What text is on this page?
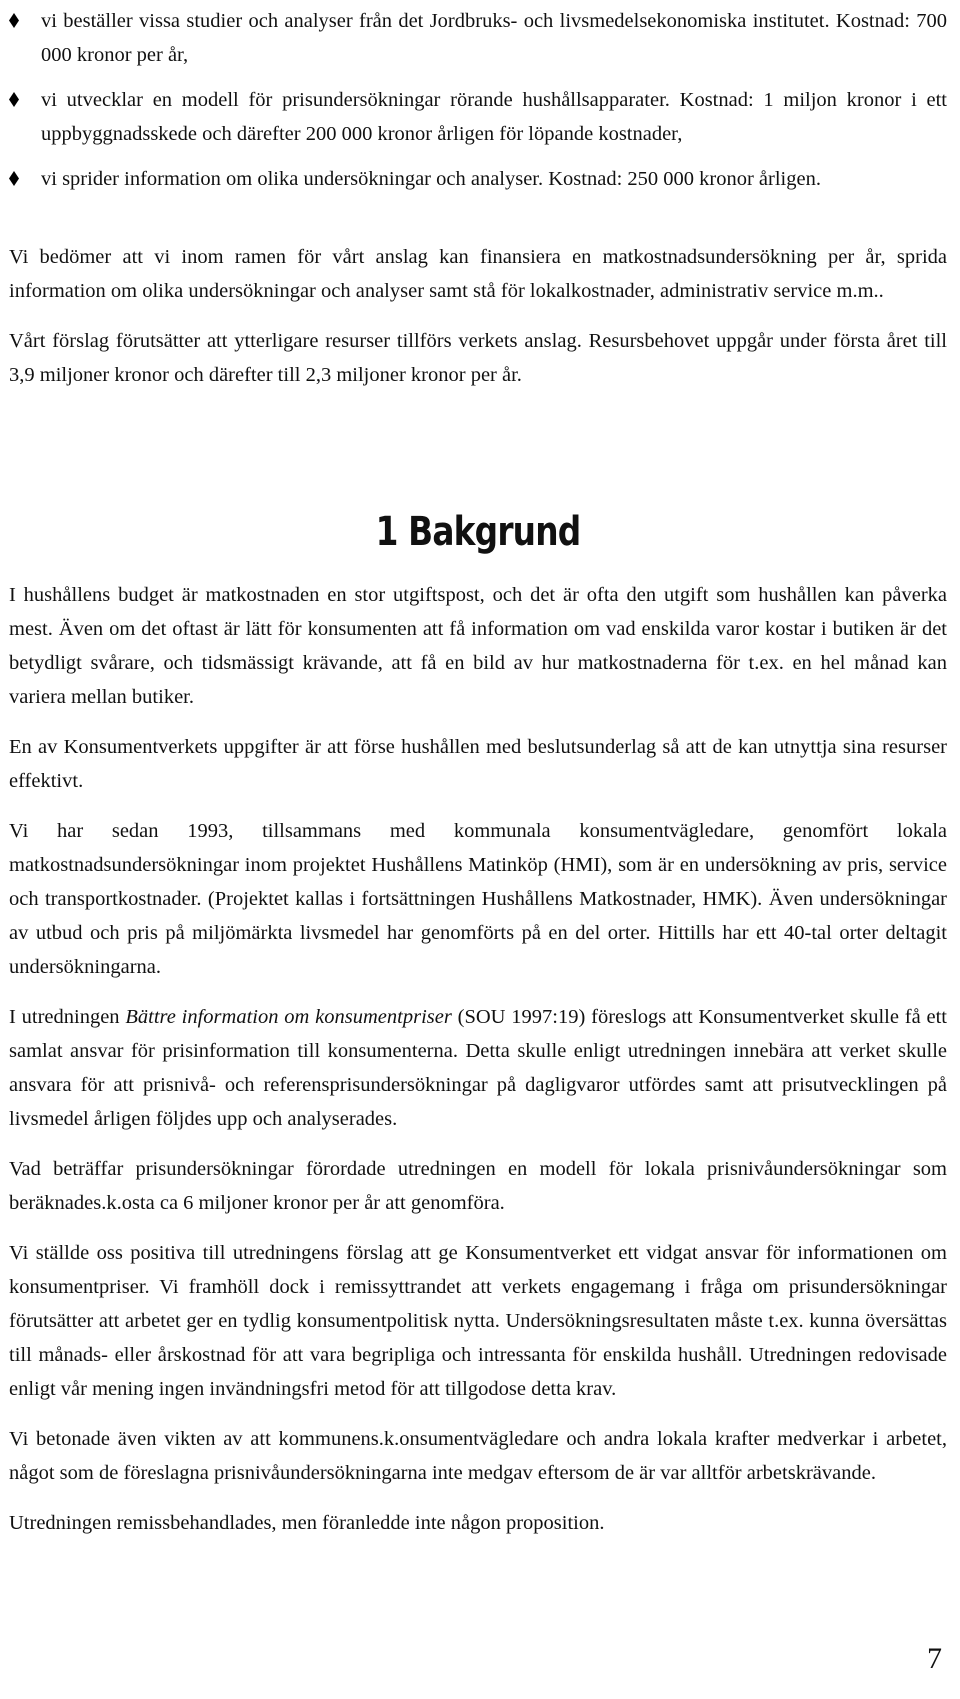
vi beställer vissa studier och analyser från det Jordbruks- och livsmedelsekonomiska institutet. Kostnad: 700 000 kronor per år,
vi utvecklar en modell för prisundersökningar rörande hushållsapparater. Kostnad: 1 miljon kronor i ett uppbyggnadsskede och därefter 200 000 kronor årligen för löpande kostnader,
vi sprider information om olika undersökningar och analyser. Kostnad: 250 000 kronor årligen.

Vi bedömer att vi inom ramen för vårt anslag kan finansiera en matkostnadsundersökning per år, sprida information om olika undersökningar och analyser samt stå för lokalkostnader, administrativ service m.m..

Vårt förslag förutsätter att ytterligare resurser tillförs verkets anslag. Resursbehovet uppgår under första året till 3,9 miljoner kronor och därefter till 2,3 miljoner kronor per år.

1 Bakgrund

I hushållens budget är matkostnaden en stor utgiftspost, och det är ofta den utgift som hushållen kan påverka mest. Även om det oftast är lätt för konsumenten att få information om vad enskilda varor kostar i butiken är det betydligt svårare, och tidsmässigt krävande, att få en bild av hur matkostnaderna för t.ex. en hel månad kan variera mellan butiker.

En av Konsumentverkets uppgifter är att förse hushållen med beslutsunderlag så att de kan utnyttja sina resurser effektivt.

Vi har sedan 1993, tillsammans med kommunala konsumentvägledare, genomfört lokala matkostnadsundersökningar inom projektet Hushållens Matinköp (HMI), som är en undersökning av pris, service och transportkostnader. (Projektet kallas i fortsättningen Hushållens Matkostnader, HMK). Även undersökningar av utbud och pris på miljömärkta livsmedel har genomförts på en del orter. Hittills har ett 40-tal orter deltagit undersökningarna.

I utredningen Bättre information om konsumentpriser (SOU 1997:19) föreslogs att Konsumentverket skulle få ett samlat ansvar för prisinformation till konsumenterna. Detta skulle enligt utredningen innebära att verket skulle ansvara för att prisnivå- och referensprisundersökningar på dagligvaror utfördes samt att prisutvecklingen på livsmedel årligen följdes upp och analyserades.

Vad beträffar prisundersökningar förordade utredningen en modell för lokala prisnivåundersökningar som beräknades.k.osta ca 6 miljoner kronor per år att genomföra.

Vi ställde oss positiva till utredningens förslag att ge Konsumentverket ett vidgat ansvar för informationen om konsumentpriser. Vi framhöll dock i remissyttrandet att verkets engagemang i fråga om prisundersökningar förutsätter att arbetet ger en tydlig konsumentpolitisk nytta. Undersökningsresultaten måste t.ex. kunna översättas till månads- eller årskostnad för att vara begripliga och intressanta för enskilda hushåll. Utredningen redovisade enligt vår mening ingen invändningsfri metod för att tillgodose detta krav.

Vi betonade även vikten av att kommunens.k.onsumentvägledare och andra lokala krafter medverkar i arbetet, något som de föreslagna prisnivåundersökningarna inte medgav eftersom de är var alltför arbetskrävande.

Utredningen remissbehandlades, men föranledde inte någon proposition.

7
